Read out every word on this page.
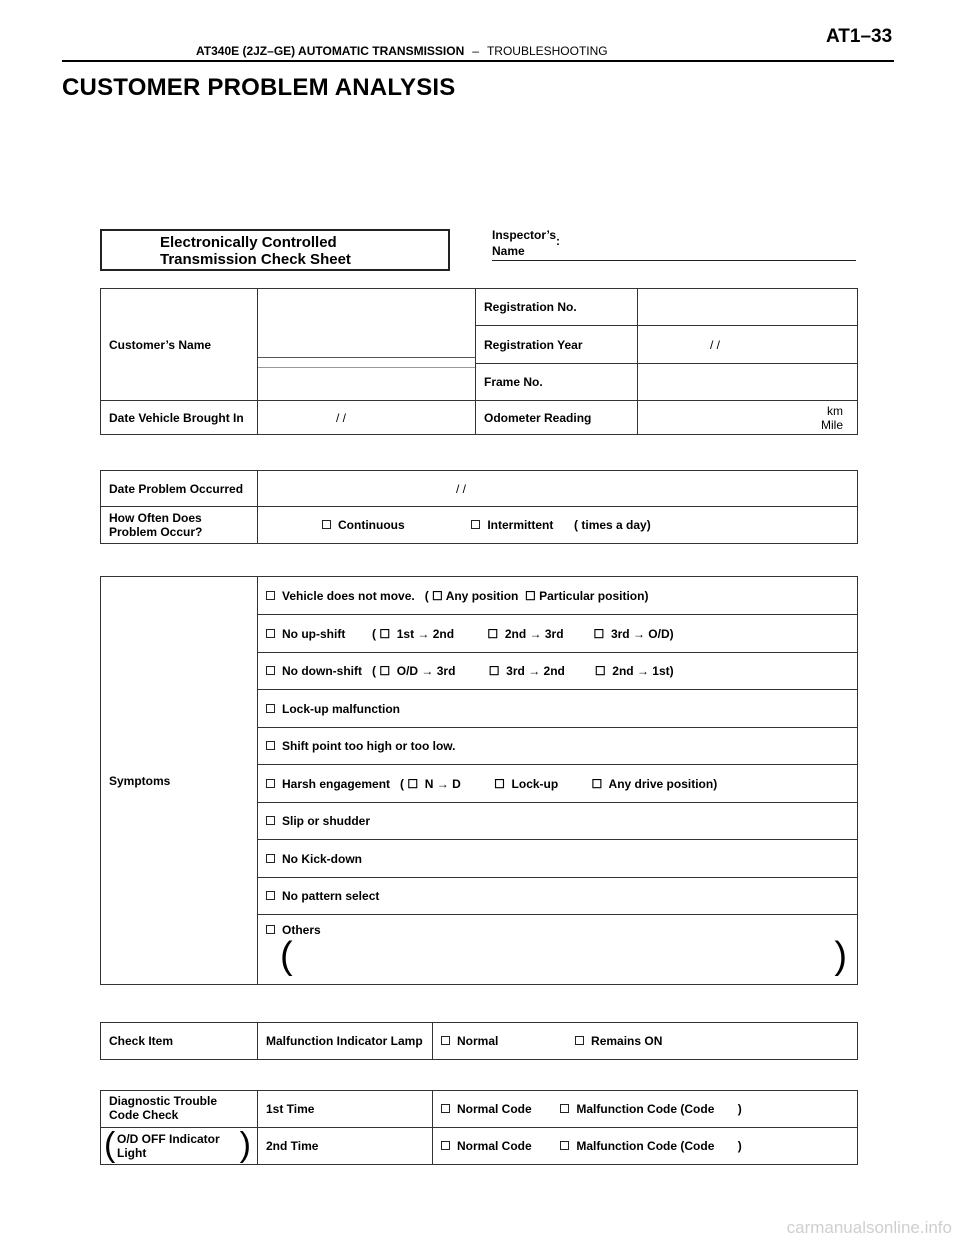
AT340E (2JZ–GE) AUTOMATIC TRANSMISSION – TROUBLESHOOTING
AT1–33
CUSTOMER PROBLEM ANALYSIS
Electronically Controlled
Transmission Check Sheet
Inspector’s:
Name
Customer’s Name		Registration No.	
		Registration Year	/ /
		Frame No.	
Date Vehicle Brought In	/ /	Odometer Reading	km
Mile
Date Problem Occurred	/ /
How Often Does Problem Occur?	Continuous Intermittent ( times a day)
Symptoms	Vehicle does not move.   ( ☐ Any position  ☐ Particular position)
No up-shift        ( ☐  1st → 2nd          ☐  2nd → 3rd         ☐  3rd → O/D)
No down-shift   ( ☐  O/D → 3rd          ☐  3rd → 2nd         ☐  2nd → 1st)
Lock-up malfunction
Shift point too high or too low.
Harsh engagement   ( ☐  N → D          ☐  Lock-up          ☐  Any drive position)
Slip or shudder
No Kick-down
No pattern select
Others
(	)
Check Item	Malfunction Indicator Lamp	Normal	Remains ON
Diagnostic Trouble Code Check	1st Time	Normal Code Malfunction Code (Code       )

( O/D OFF Indicator Light )	2nd Time	Normal Code Malfunction Code (Code       )
carmanualsonline.info
